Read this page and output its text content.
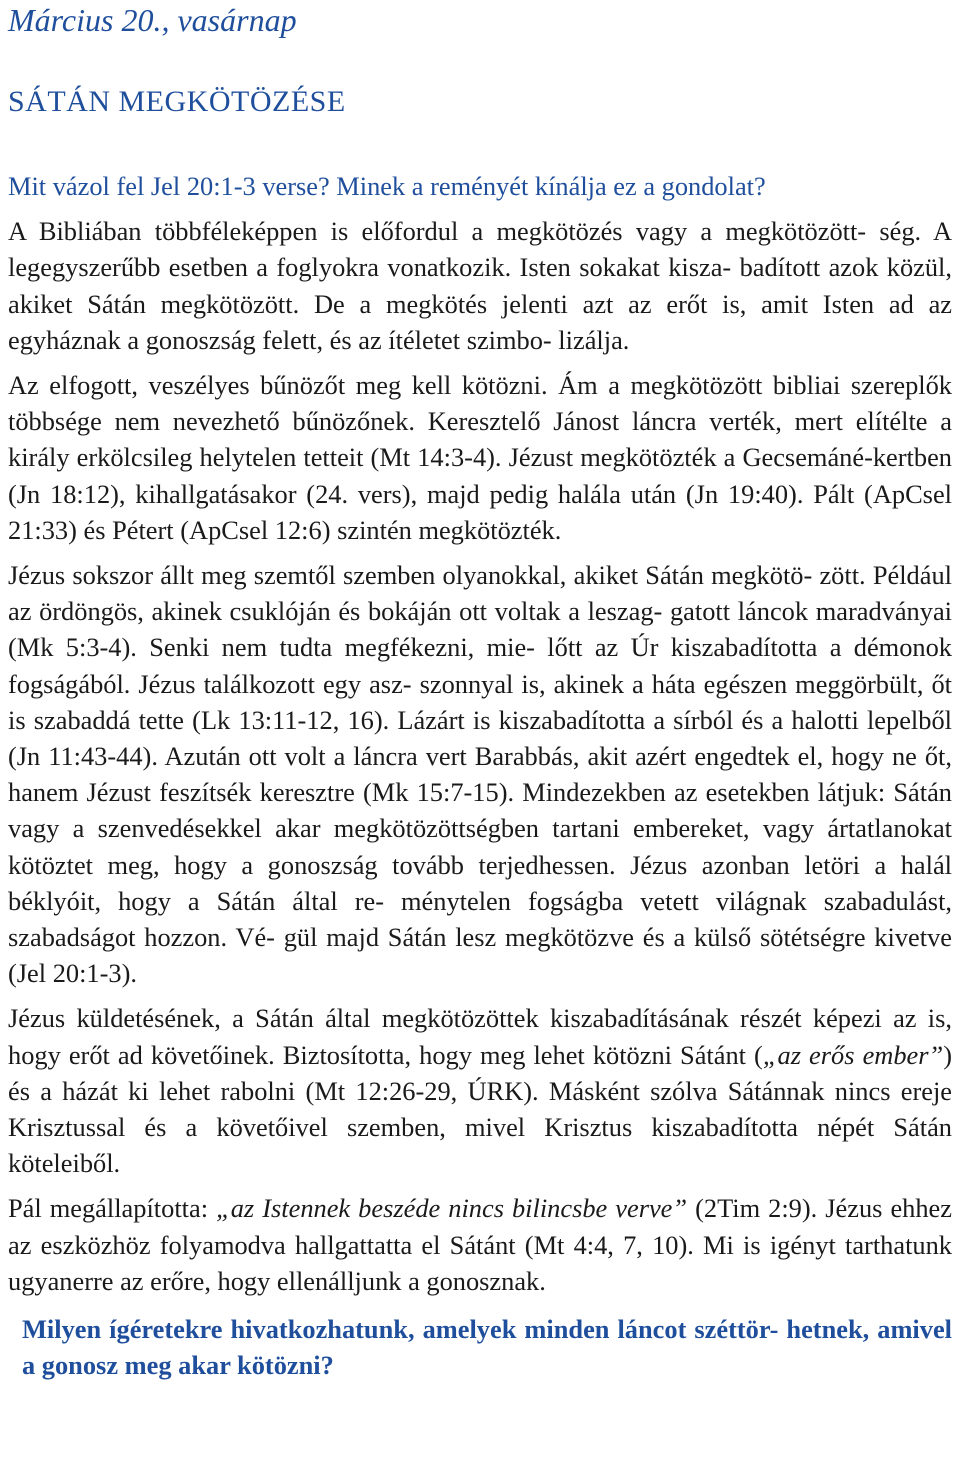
Március 20., vasárnap
SÁTÁN MEGKÖTÖZÉSE

Mit vázol fel Jel 20:1-3 verse? Minek a reményét kínálja ez a gondolat?

A Bibliában többféleképpen is előfordul a megkötözés vagy a megkötözött- ség. A legegyszerűbb esetben a foglyokra vonatkozik. Isten sokakat kisza- badított azok közül, akiket Sátán megkötözött. De a megkötés jelenti azt az erőt is, amit Isten ad az egyháznak a gonoszság felett, és az ítéletet szimbo- lizálja.

Az elfogott, veszélyes bűnözőt meg kell kötözni. Ám a megkötözött bibliai szereplők többsége nem nevezhető bűnözőnek. Keresztelő Jánost láncra verték, mert elítélte a király erkölcsileg helytelen tetteit (Mt 14:3-4). Jézust megkötözték a Gecsemáné-kertben (Jn 18:12), kihallgatásakor (24. vers), majd pedig halála után (Jn 19:40). Pált (ApCsel 21:33) és Pétert (ApCsel 12:6) szintén megkötözték.

Jézus sokszor állt meg szemtől szemben olyanokkal, akiket Sátán megkötö- zött. Például az ördöngös, akinek csuklóján és bokáján ott voltak a leszag- gatott láncok maradványai (Mk 5:3-4). Senki nem tudta megfékezni, mie- lőtt az Úr kiszabadította a démonok fogságából. Jézus találkozott egy asz- szonnyal is, akinek a háta egészen meggörbült, őt is szabaddá tette (Lk 13:11-12, 16). Lázárt is kiszabadította a sírból és a halotti lepelből (Jn 11:43-44). Azután ott volt a láncra vert Barabbás, akit azért engedtek el, hogy ne őt, hanem Jézust feszítsék keresztre (Mk 15:7-15). Mindezekben az esetekben látjuk: Sátán vagy a szenvedésekkel akar megkötözöttségben tartani embereket, vagy ártatlanokat kötöztet meg, hogy a gonoszság tovább terjedhessen. Jézus azonban letöri a halál béklyóit, hogy a Sátán által re- ménytelen fogságba vetett világnak szabadulást, szabadságot hozzon. Vé- gül majd Sátán lesz megkötözve és a külső sötétségre kivetve (Jel 20:1-3).

Jézus küldetésének, a Sátán által megkötözöttek kiszabadításának részét képezi az is, hogy erőt ad követőinek. Biztosította, hogy meg lehet kötözni Sátánt („az erős ember”) és a házát ki lehet rabolni (Mt 12:26-29, ÚRK). Másként szólva Sátánnak nincs ereje Krisztussal és a követőivel szemben, mivel Krisztus kiszabadította népét Sátán köteleiből.

Pál megállapította: „az Istennek beszéde nincs bilincsbe verve” (2Tim 2:9). Jézus ehhez az eszközhöz folyamodva hallgattatta el Sátánt (Mt 4:4, 7, 10). Mi is igényt tarthatunk ugyanerre az erőre, hogy ellenálljunk a gonosznak.

Milyen ígéretekre hivatkozhatunk, amelyek minden láncot széttör- hetnek, amivel a gonosz meg akar kötözni?
